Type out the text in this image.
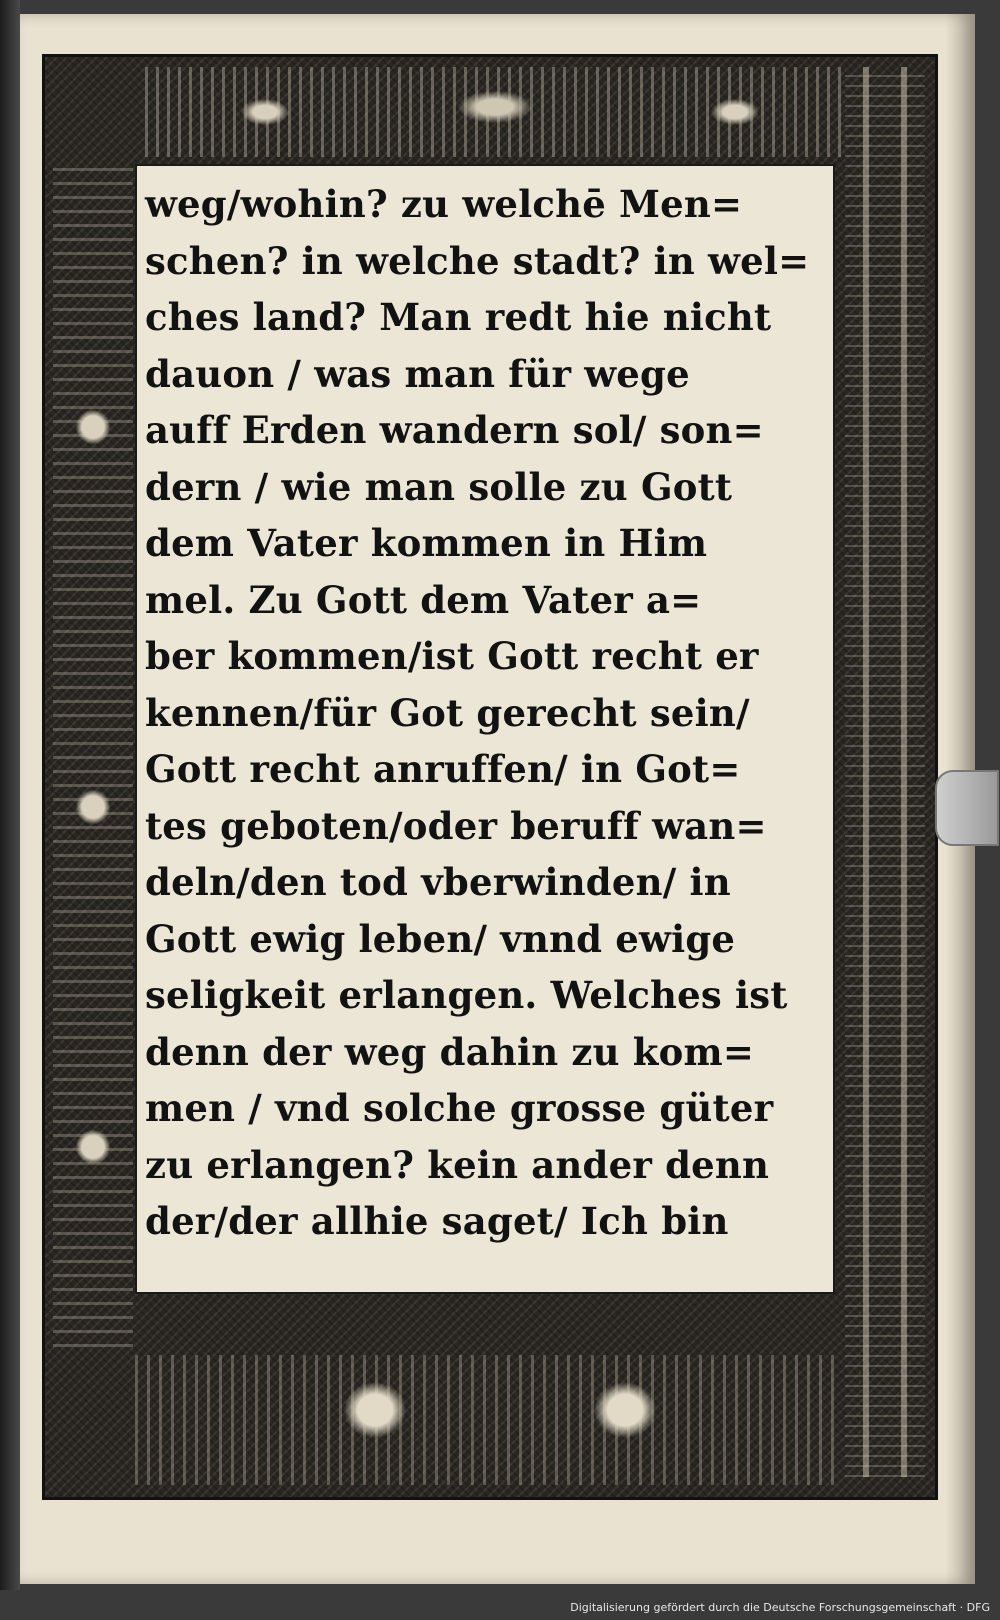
weg/wohin? zu welchē Men=
schen? in welche stadt? in wel=
ches land? Man redt hie nicht
dauon / was man für wege
auff Erden wandern sol/ son=
dern / wie man solle zu Gott
dem Vater kommen in Him
mel. Zu Gott dem Vater a=
ber kommen/ist Gott recht er
kennen/für Got gerecht sein/
Gott recht anruffen/ in Got=
tes geboten/oder beruff wan=
deln/den tod vberwinden/ in
Gott ewig leben/ vnnd ewige
seligkeit erlangen. Welches ist
denn der weg dahin zu kom=
men / vnd solche grosse güter
zu erlangen? kein ander denn
der/der allhie saget/ Ich bin
Digitalisierung gefördert durch die Deutsche Forschungsgemeinschaft · DFG
